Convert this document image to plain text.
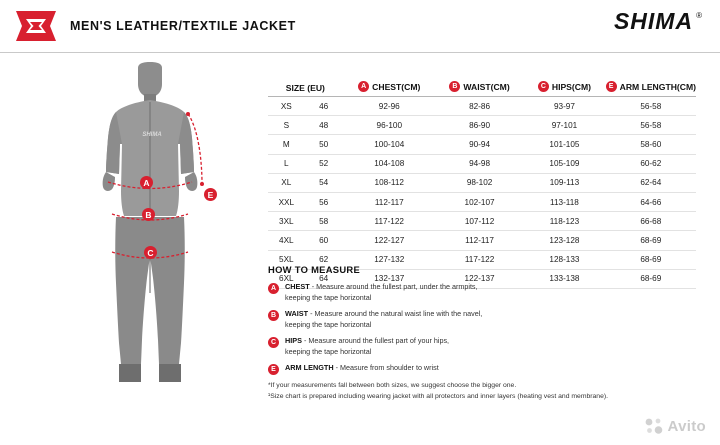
MEN'S LEATHER/TEXTILE JACKET	SHIMA ®
SHIMA
A
B
C
E
SIZE (EU)		A CHEST(CM)	B WAIST(CM)	C HIPS(CM)	E ARM LENGTH(CM)
XS	46	92-96	82-86	93-97	56-58
S	48	96-100	86-90	97-101	56-58
M	50	100-104	90-94	101-105	58-60
L	52	104-108	94-98	105-109	60-62
XL	54	108-112	98-102	109-113	62-64
XXL	56	112-117	102-107	113-118	64-66
3XL	58	117-122	107-112	118-123	66-68
4XL	60	122-127	112-117	123-128	68-69
5XL	62	127-132	117-122	128-133	68-69
6XL	64	132-137	122-137	133-138	68-69
HOW TO MEASURE
A	CHEST - Measure around the fullest part, under the armpits,
keeping the tape horizontal
B	WAIST - Measure around the natural waist line with the navel,
keeping the tape horizontal
C	HIPS - Measure around the fullest part of your hips,
keeping the tape horizontal
E	ARM LENGTH - Measure from shoulder to wrist
*If your measurements fall between both sizes, we suggest choose the bigger one.
¹Size chart is prepared including wearing jacket with all protectors and inner layers (heating vest and membrane).
Avito
